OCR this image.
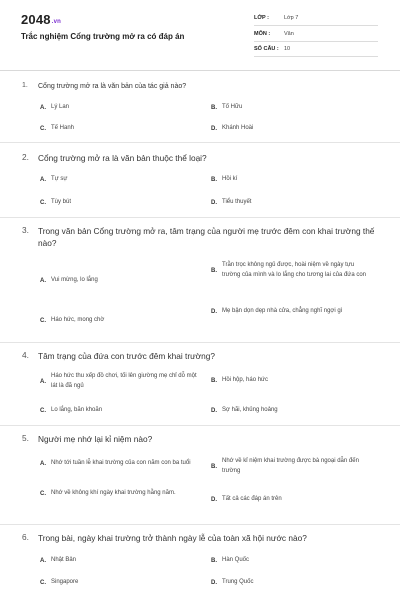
2048.vn
Trắc nghiệm Cổng trường mở ra có đáp án
LỚP :	Lớp 7
MÔN :	Văn
SỐ CÂU : 10
1.	Cổng trường mở ra là văn bản của tác giả nào?
A. Lý Lan	B. Tố Hữu
C. Tế Hanh	D. Khánh Hoài
2.	Cổng trường mở ra là văn bản thuộc thể loại?
A. Tự sự	B. Hồi kí
C. Tùy bút	D. Tiểu thuyết
3.	Trong văn bản Cổng trường mở ra, tâm trạng của người mẹ trước đêm con khai trường thế nào?
A. Vui mừng, lo lắng
B.
Trằn trọc không ngủ được, hoài niệm về ngày tựu trường của mình và lo lắng cho tương lai của đứa con
C. Háo hức, mong chờ
D. Mẹ bận dọn dẹp nhà cửa, chẳng nghĩ ngợi gì
4.	Tâm trạng của đứa con trước đêm khai trường?
A.
Háo hức thu xếp đồ chơi, tối lên giường mẹ chỉ dỗ một lát là đã ngủ
B. Hồi hộp, háo hức
C. Lo lắng, băn khoăn	D. Sợ hãi, khủng hoảng
5.	Người mẹ nhớ lại kỉ niệm nào?
A. Nhớ tới tuần lễ khai trường của con năm con ba tuổi
B.
Nhớ về kỉ niệm khai trường được bà ngoại dẫn đến trường
C. Nhớ về không khí ngày khai trường hằng năm.
D. Tất cả các đáp án trên
6.	Trong bài, ngày khai trường trở thành ngày lễ của toàn xã hội nước nào?
A. Nhật Bản	B. Hàn Quốc
C. Singapore	D. Trung Quốc
